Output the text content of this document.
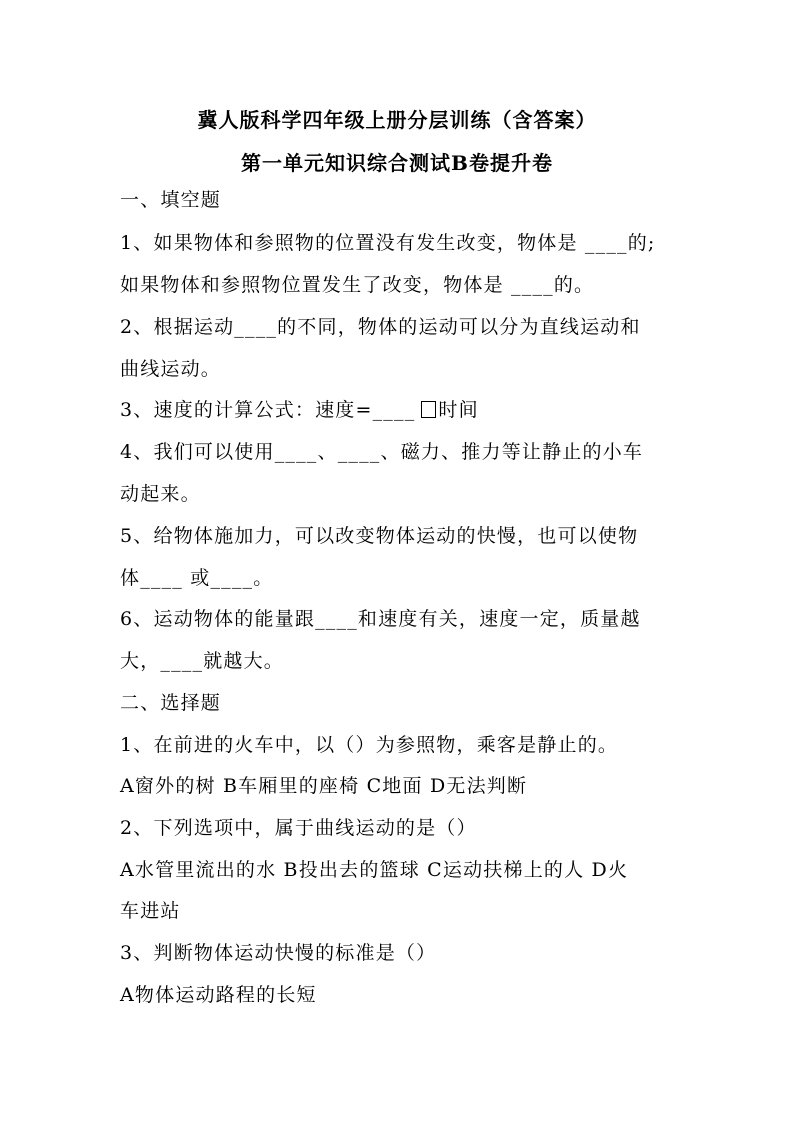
冀人版科学四年级上册分层训练（含答案）
第一单元知识综合测试B卷提升卷
一、填空题
1、如果物体和参照物的位置没有发生改变，物体是 ____的;
如果物体和参照物位置发生了改变，物体是 ____的。
2、根据运动____的不同，物体的运动可以分为直线运动和
曲线运动。
3、速度的计算公式：速度=____ 时间
4、我们可以使用____、____、磁力、推力等让静止的小车
动起来。
5、给物体施加力，可以改变物体运动的快慢，也可以使物
体____ 或____。
6、运动物体的能量跟____和速度有关，速度一定，质量越
大，____就越大。
二、选择题
1、在前进的火车中，以（）为参照物，乘客是静止的。
A窗外的树 B车厢里的座椅 C地面 D无法判断
2、下列选项中，属于曲线运动的是（）
A水管里流出的水 B投出去的篮球 C运动扶梯上的人 D火
车进站
3、判断物体运动快慢的标准是（）
A物体运动路程的长短
